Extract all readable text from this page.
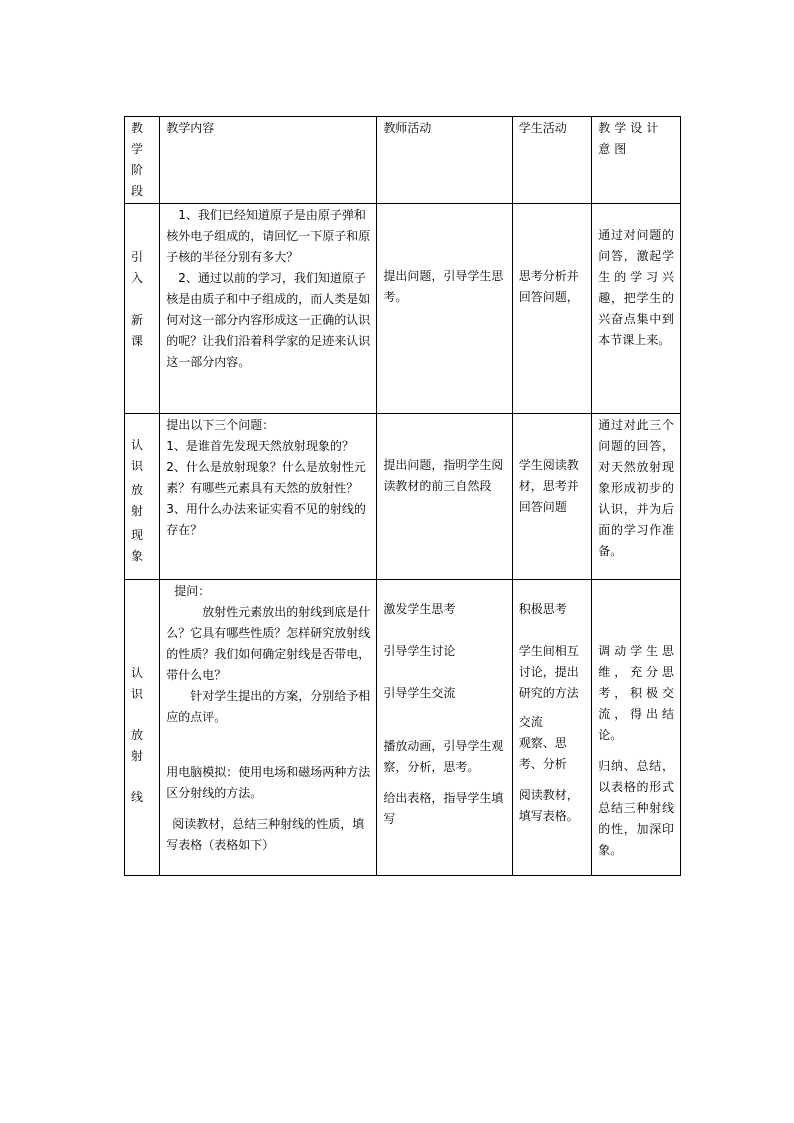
教学阶段	教学内容	教师活动	学生活动	教学设计意图

引入
新课	　1、我们已经知道原子是由原子弹和核外电子组成的，请回忆一下原子和原子核的半径分别有多大？
　2、通过以前的学习，我们知道原子核是由质子和中子组成的，而人类是如何对这一部分内容形成这一正确的认识的呢？让我们沿着科学家的足迹来认识这一部分内容。	提出问题，引导学生思考。	思考分析并回答问题，	通过对问题的问答，激起学生的学习兴趣，把学生的兴奋点集中到本节课上来。

认识
放射
现象	提出以下三个问题：
1、是谁首先发现天然放射现象的？
2、什么是放射现象？什么是放射性元素？有哪些元素具有天然的放射性？
3、用什么办法来证实看不见的射线的存在？	提出问题，指明学生阅读教材的前三自然段	学生阅读教材，思考并回答问题	通过对此三个问题的回答，对天然放射现象形成初步的认识，并为后面的学习作准备。

认识
放射
线	提问：
放射性元素放出的射线到底是什么？它具有哪些性质？怎样研究放射线的性质？我们如何确定射线是否带电，带什么电？
针对学生提出的方案，分别给予相应的点评。
用电脑模拟：使用电场和磁场两种方法区分射线的方法。
阅读教材，总结三种射线的性质，填写表格（表格如下）	激发学生思考
引导学生讨论
引导学生交流
播放动画，引导学生观察，分析，思考。
给出表格，指导学生填写	积极思考
学生间相互讨论，提出研究的方法
交流
观察、思考、分析
阅读教材，填写表格。	调动学生思维，充分思考，积极交流，得出结论。
归纳、总结，以表格的形式总结三种射线的性，加深印象。
